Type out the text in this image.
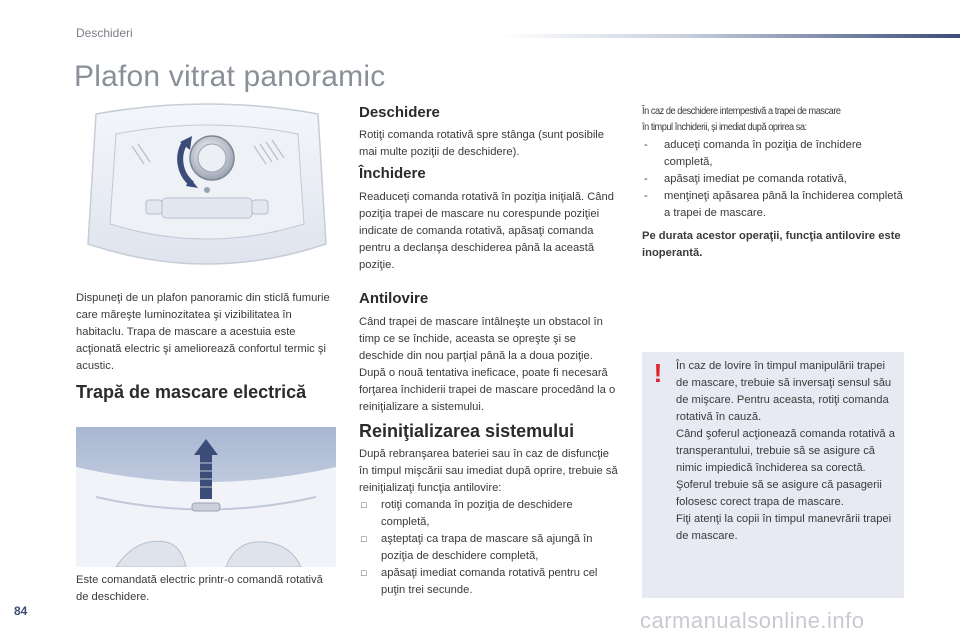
Deschideri
Plafon vitrat panoramic
Dispuneţi de un plafon panoramic din sticlă fumurie care măreşte luminozitatea şi vizibilitatea în habitaclu. Trapa de mascare a acestuia este acţionată electric şi ameliorează confortul termic şi acustic.
Trapă de mascare electrică
Este comandată electric printr-o comandă rotativă de deschidere.
Deschidere
Rotiţi comanda rotativă spre stânga (sunt posibile mai multe poziţii de deschidere).
Închidere
Readuceţi comanda rotativă în poziţia iniţială. Când poziţia trapei de mascare nu corespunde poziţiei indicate de comanda rotativă, apăsaţi comanda pentru a declanşa deschiderea până la această poziţie.
Antilovire
Când trapei de mascare întâlneşte un obstacol în timp ce se închide, aceasta se opreşte şi se deschide din nou parţial până la a doua poziţie. După o nouă tentativa ineficace, poate fi necesară forţarea închiderii trapei de mascare procedând la o reiniţializare a sistemului.
Reiniţializarea sistemului
După rebranşarea bateriei sau în caz de disfuncţie în timpul mişcării sau imediat după oprire, trebuie să reiniţializaţi funcţia antilovire:
□ rotiţi comanda în poziţia de deschidere completă,
□ aşteptaţi ca trapa de mascare să ajungă în poziţia de deschidere completă,
□ apăsaţi imediat comanda rotativă pentru cel puţin trei secunde.
În caz de deschidere intempestivă a trapei de mascare
în timpul închiderii, şi imediat după oprirea sa:
- aduceţi comanda în poziţia de închidere completă,
- apăsaţi imediat pe comanda rotativă,
- menţineţi apăsarea până la închiderea completă a trapei de mascare.
Pe durata acestor operaţii, funcţia antilovire este inoperantă.
!	În caz de lovire în timpul manipulării trapei de mascare, trebuie să inversaţi sensul său de mişcare. Pentru aceasta, rotiţi comanda rotativă în cauză.
Când şoferul acţionează comanda rotativă a transperantului, trebuie să se asigure că nimic impiedică închiderea sa corectă.
Şoferul trebuie să se asigure că pasagerii folosesc corect trapa de mascare.
Fiţi atenţi la copii în timpul manevrării trapei de mascare.
84	carmanualsonline.info
